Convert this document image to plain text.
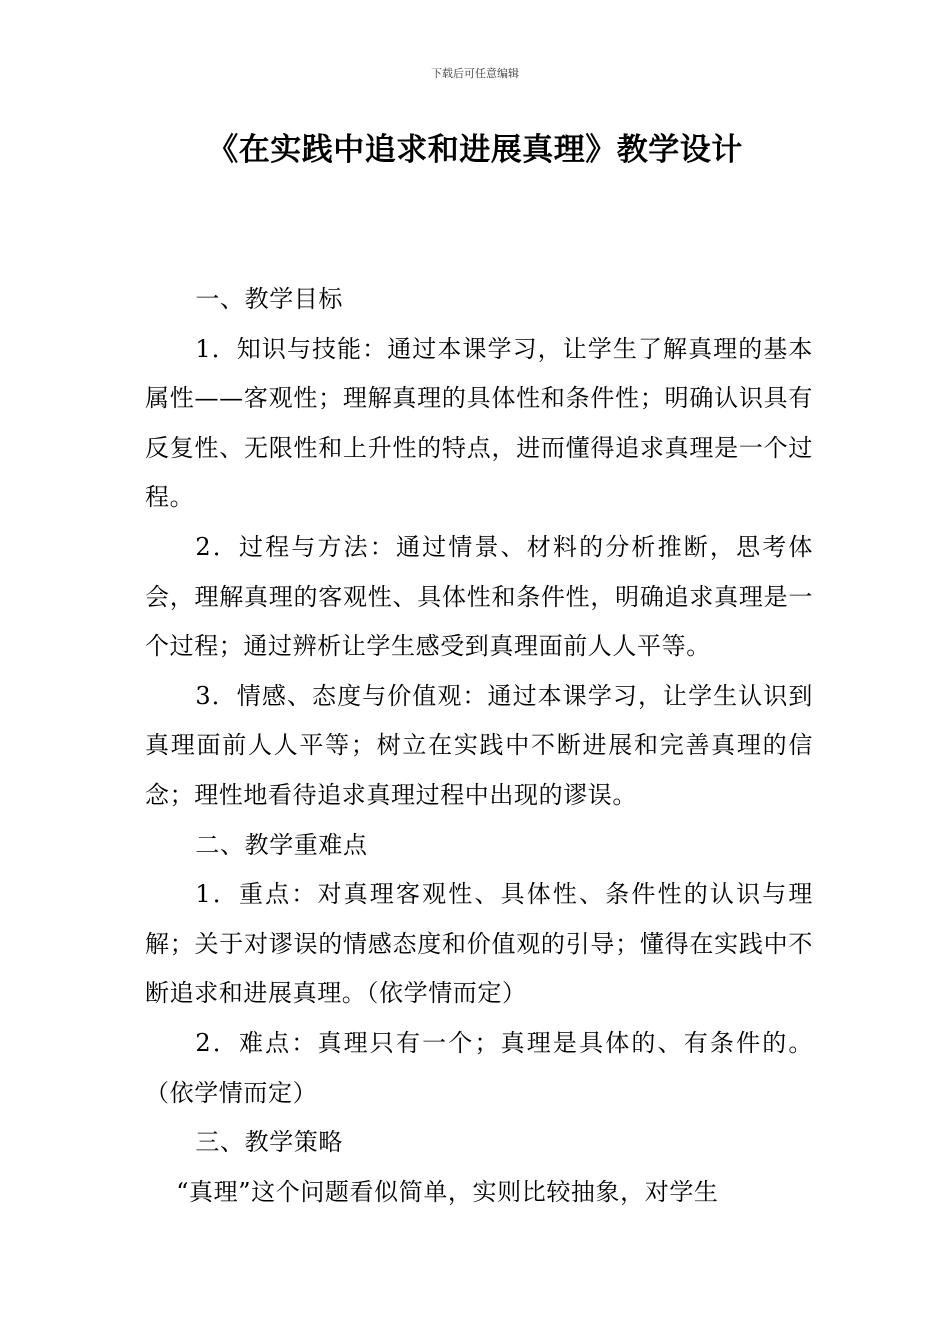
下载后可任意编辑
《在实践中追求和进展真理》教学设计

一、教学目标

1．知识与技能：通过本课学习，让学生了解真理的基本属性——客观性；理解真理的具体性和条件性；明确认识具有反复性、无限性和上升性的特点，进而懂得追求真理是一个过程。

2．过程与方法：通过情景、材料的分析推断，思考体会，理解真理的客观性、具体性和条件性，明确追求真理是一个过程；通过辨析让学生感受到真理面前人人平等。

3．情感、态度与价值观：通过本课学习，让学生认识到真理面前人人平等；树立在实践中不断进展和完善真理的信念；理性地看待追求真理过程中出现的谬误。

二、教学重难点

1．重点：对真理客观性、具体性、条件性的认识与理解；关于对谬误的情感态度和价值观的引导；懂得在实践中不断追求和进展真理。（依学情而定）

2．难点：真理只有一个；真理是具体的、有条件的。（依学情而定）

三、教学策略

“真理”这个问题看似简单，实则比较抽象，对学生
